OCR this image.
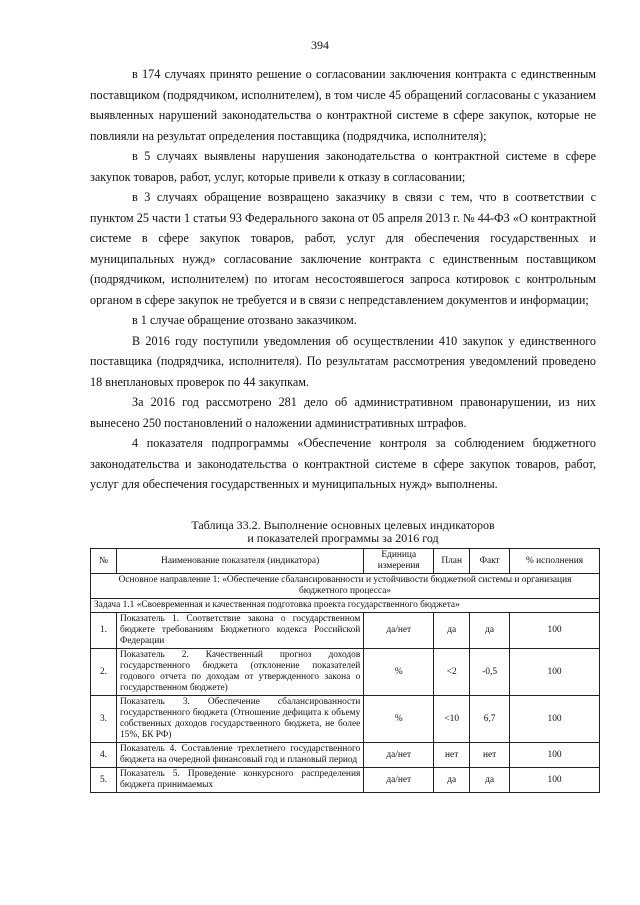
394

в 174 случаях принято решение о согласовании заключения контракта с единственным поставщиком (подрядчиком, исполнителем), в том числе 45 обращений согласованы с указанием выявленных нарушений законодательства о контрактной системе в сфере закупок, которые не повлияли на результат определения поставщика (подрядчика, исполнителя);

в 5 случаях выявлены нарушения законодательства о контрактной системе в сфере закупок товаров, работ, услуг, которые привели к отказу в согласовании;

в 3 случаях обращение возвращено заказчику в связи с тем, что в соответствии с пунктом 25 части 1 статьи 93 Федерального закона от 05 апреля 2013 г. № 44-ФЗ «О контрактной системе в сфере закупок товаров, работ, услуг для обеспечения государственных и муниципальных нужд» согласование заключение контракта с единственным поставщиком (подрядчиком, исполнителем) по итогам несостоявшегося запроса котировок с контрольным органом в сфере закупок не требуется и в связи с непредставлением документов и информации;

в 1 случае обращение отозвано заказчиком.

В 2016 году поступили уведомления об осуществлении 410 закупок у единственного поставщика (подрядчика, исполнителя). По результатам рассмотрения уведомлений проведено 18 внеплановых проверок по 44 закупкам.

За 2016 год рассмотрено 281 дело об административном правонарушении, из них вынесено 250 постановлений о наложении административных штрафов.

4 показателя подпрограммы «Обеспечение контроля за соблюдением бюджетного законодательства и законодательства о контрактной системе в сфере закупок товаров, работ, услуг для обеспечения государственных и муниципальных нужд» выполнены.

Таблица 33.2. Выполнение основных целевых индикаторов
и показателей программы за 2016 год
№	Наименование показателя (индикатора)	Единица измерения	План	Факт	% исполнения
Основное направление 1: «Обеспечение сбалансированности и устойчивости бюджетной системы и организация бюджетного процесса»					
Задача 1.1 «Своевременная и качественная подготовка проекта государственного бюджета»					
1.	Показатель 1. Соответствие закона о государственном бюджете требованиям Бюджетного кодекса Российской Федерации	да/нет	да	да	100
2.	Показатель 2. Качественный прогноз доходов государственного бюджета (отклонение показателей годового отчета по доходам от утвержденного закона о государственном бюджете)	%	<2	-0,5	100
3.	Показатель 3. Обеспечение сбалансированности государственного бюджета (Отношение дефицита к объему собственных доходов государственного бюджета, не более 15%, БК РФ)	%	<10	6,7	100
4.	Показатель 4. Составление трехлетнего государственного бюджета на очередной финансовый год и плановый период	да/нет	нет	нет	100
5.	Показатель 5. Проведение конкурсного распределения бюджета принимаемых	да/нет	да	да	100
